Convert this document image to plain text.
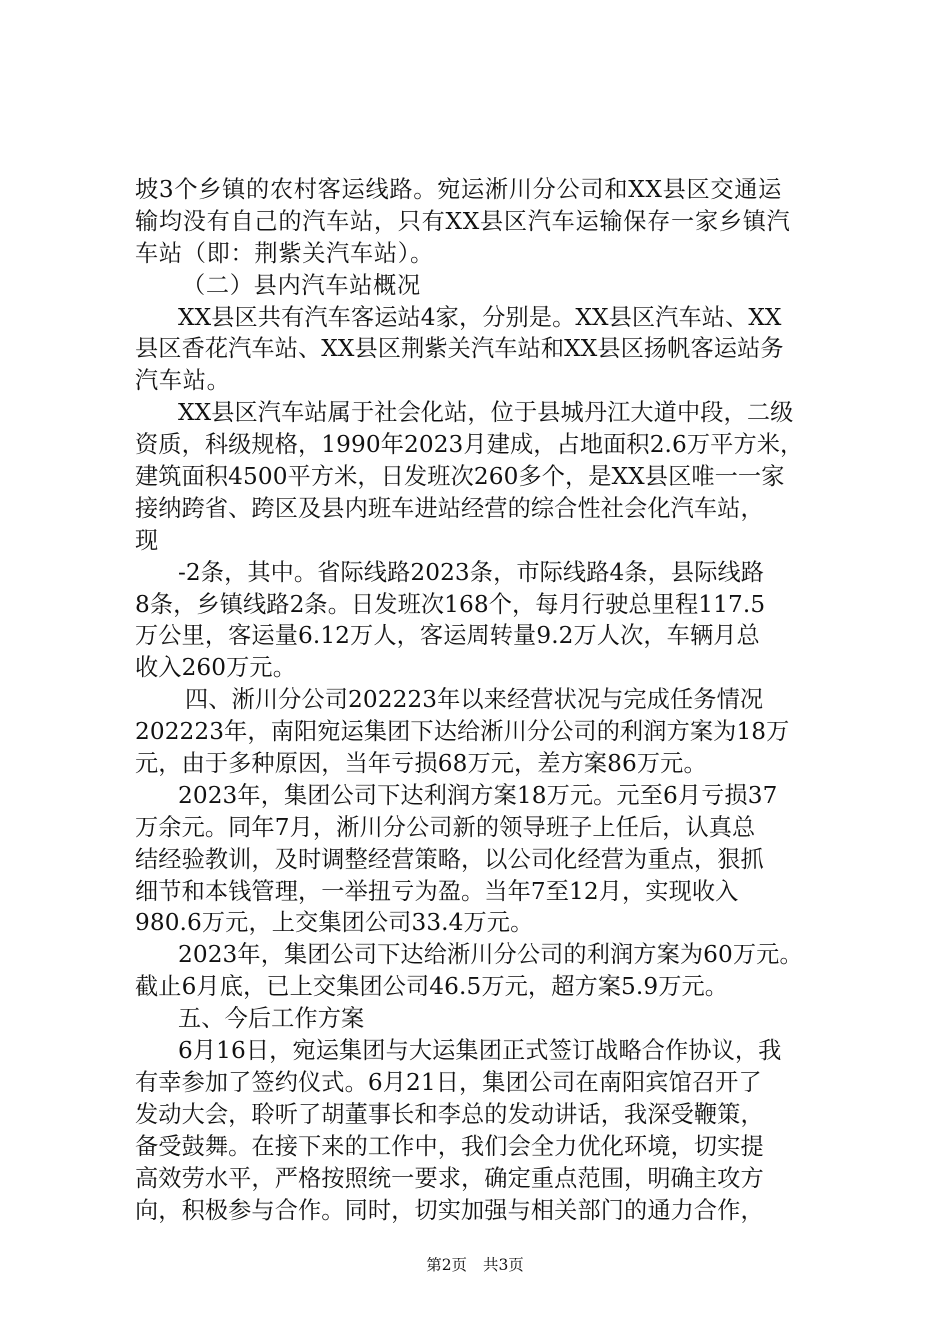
坡3个乡镇的农村客运线路。宛运淅川分公司和XX县区交通运
输均没有自己的汽车站，只有XX县区汽车运输保存一家乡镇汽
车站（即：荆紫关汽车站）。
（二）县内汽车站概况
XX县区共有汽车客运站4家，分别是。XX县区汽车站、XX
县区香花汽车站、XX县区荆紫关汽车站和XX县区扬帆客运站务
汽车站。
XX县区汽车站属于社会化站，位于县城丹江大道中段，二级
资质，科级规格，1990年2023月建成，占地面积2.6万平方米，
建筑面积4500平方米，日发班次260多个，是XX县区唯一一家
接纳跨省、跨区及县内班车进站经营的综合性社会化汽车站，
现
-2条，其中。省际线路2023条，市际线路4条，县际线路
8条，乡镇线路2条。日发班次168个，每月行驶总里程117.5
万公里，客运量6.12万人，客运周转量9.2万人次，车辆月总
收入260万元。
四、淅川分公司202223年以来经营状况与完成任务情况
202223年，南阳宛运集团下达给淅川分公司的利润方案为18万
元，由于多种原因，当年亏损68万元，差方案86万元。
2023年，集团公司下达利润方案18万元。元至6月亏损37
万余元。同年7月，淅川分公司新的领导班子上任后，认真总
结经验教训，及时调整经营策略，以公司化经营为重点，狠抓
细节和本钱管理，一举扭亏为盈。当年7至12月，实现收入
980.6万元，上交集团公司33.4万元。
2023年，集团公司下达给淅川分公司的利润方案为60万元。
截止6月底，已上交集团公司46.5万元，超方案5.9万元。
五、今后工作方案
6月16日，宛运集团与大运集团正式签订战略合作协议，我
有幸参加了签约仪式。6月21日，集团公司在南阳宾馆召开了
发动大会，聆听了胡董事长和李总的发动讲话，我深受鞭策，
备受鼓舞。在接下来的工作中，我们会全力优化环境，切实提
高效劳水平，严格按照统一要求，确定重点范围，明确主攻方
向，积极参与合作。同时，切实加强与相关部门的通力合作，
第2页 共3页
